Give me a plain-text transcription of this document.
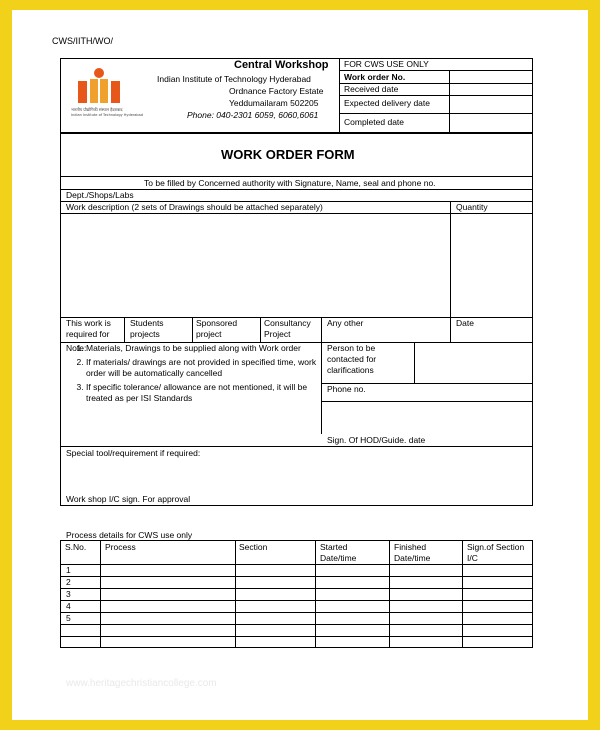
CWS/IITH/WO/
भारतीय प्रौद्योगिकी संस्थान हैदराबाद
Indian Institute of Technology Hyderabad
Central Workshop
Indian Institute of Technology Hyderabad
Ordnance Factory Estate
Yeddumailaram 502205
Phone: 040-2301 6059, 6060,6061
FOR CWS USE ONLY
Work order No.
Received date
Expected delivery date
Completed date
WORK ORDER FORM
To be filled by Concerned authority with Signature, Name, seal and phone no.
Dept./Shops/Labs
Work description (2 sets of Drawings should be attached separately)	Quantity
This work is required for
Students projects
Sponsored project
Consultancy Project
Any other	Date
Note:
1. Materials, Drawings to be supplied along with Work order
2. If materials/ drawings are not provided in specified time, work order will be automatically cancelled
3. If specific tolerance/ allowance are not mentioned, it will be treated as per ISI Standards
Person to be contacted for clarifications
Phone no.
Sign. Of HOD/Guide. date
Special tool/requirement if required:
Work shop I/C sign. For approval
Process details for CWS use only
S.No. Process	Section	Started Date/time
Finished Date/time
Sign.of Section I/C
1
2
3
4
5
www.heritagechristiancollege.com
